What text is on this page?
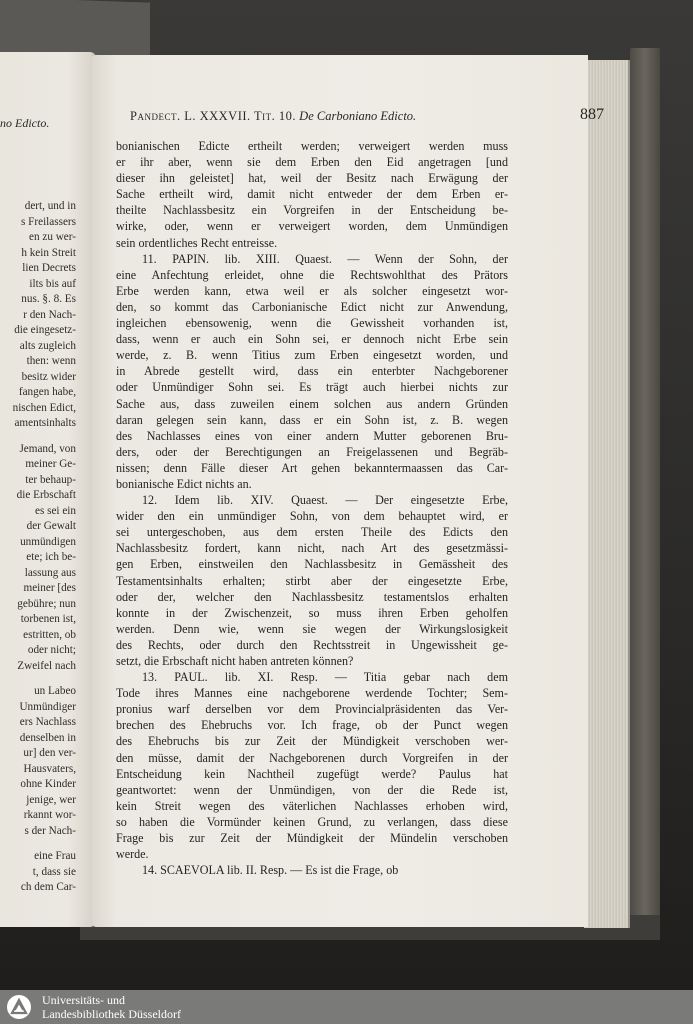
no Edicto.
dert, und in
s Freilassers
en zu wer-
h kein Streit
lien Decrets
ilts bis auf
nus. §. 8. Es
r den Nach-
die eingesetz-
alts zugleich
then: wenn
besitz wider
fangen habe,
nischen Edict,
amentsinhalts
Jemand, von
meiner Ge-
ter behaup-
die Erbschaft
es sei ein
der Gewalt
unmündigen
ete; ich be-
lassung aus
meiner [des
gebühre; nun
torbenen ist,
estritten, ob
oder nicht;
Zweifel nach
un Labeo
Unmündiger
ers Nachlass
denselben in
ur] den ver-
Hausvaters,
ohne Kinder
jenige, wer
rkannt wor-
s der Nach-
eine Frau
t, dass sie
ch dem Car-
Pandect. L. XXXVII. Tit. 10. De Carboniano Edicto.	887
bonianischen Edicte ertheilt werden; verweigert werden muss
er ihr aber, wenn sie dem Erben den Eid angetragen [und
dieser ihn geleistet] hat, weil der Besitz nach Erwägung der
Sache ertheilt wird, damit nicht entweder der dem Erben er-
theilte Nachlassbesitz ein Vorgreifen in der Entscheidung be-
wirke, oder, wenn er verweigert worden, dem Unmündigen
sein ordentliches Recht entreisse.
11. PAPIN. lib. XIII. Quaest. — Wenn der Sohn, der
eine Anfechtung erleidet, ohne die Rechtswohlthat des Prätors
Erbe werden kann, etwa weil er als solcher eingesetzt wor-
den, so kommt das Carbonianische Edict nicht zur Anwendung,
ingleichen ebensowenig, wenn die Gewissheit vorhanden ist,
dass, wenn er auch ein Sohn sei, er dennoch nicht Erbe sein
werde, z. B. wenn Titius zum Erben eingesetzt worden, und
in Abrede gestellt wird, dass ein enterbter Nachgeborener
oder Unmündiger Sohn sei. Es trägt auch hierbei nichts zur
Sache aus, dass zuweilen einem solchen aus andern Gründen
daran gelegen sein kann, dass er ein Sohn ist, z. B. wegen
des Nachlasses eines von einer andern Mutter geborenen Bru-
ders, oder der Berechtigungen an Freigelassenen und Begräb-
nissen; denn Fälle dieser Art gehen bekanntermaassen das Car-
bonianische Edict nichts an.
12. Idem lib. XIV. Quaest. — Der eingesetzte Erbe,
wider den ein unmündiger Sohn, von dem behauptet wird, er
sei untergeschoben, aus dem ersten Theile des Edicts den
Nachlassbesitz fordert, kann nicht, nach Art des gesetzmässi-
gen Erben, einstweilen den Nachlassbesitz in Gemässheit des
Testamentsinhalts erhalten; stirbt aber der eingesetzte Erbe,
oder der, welcher den Nachlassbesitz testamentslos erhalten
konnte in der Zwischenzeit, so muss ihren Erben geholfen
werden. Denn wie, wenn sie wegen der Wirkungslosigkeit
des Rechts, oder durch den Rechtsstreit in Ungewissheit ge-
setzt, die Erbschaft nicht haben antreten können?
13. PAUL. lib. XI. Resp. — Titia gebar nach dem
Tode ihres Mannes eine nachgeborene werdende Tochter; Sem-
pronius warf derselben vor dem Provincialpräsidenten das Ver-
brechen des Ehebruchs vor. Ich frage, ob der Punct wegen
des Ehebruchs bis zur Zeit der Mündigkeit verschoben wer-
den müsse, damit der Nachgeborenen durch Vorgreifen in der
Entscheidung kein Nachtheil zugefügt werde? Paulus hat
geantwortet: wenn der Unmündigen, von der die Rede ist,
kein Streit wegen des väterlichen Nachlasses erhoben wird,
so haben die Vormünder keinen Grund, zu verlangen, dass diese
Frage bis zur Zeit der Mündigkeit der Mündelin verschoben
werde.
14. SCAEVOLA lib. II. Resp. — Es ist die Frage, ob
Universitäts- und
Landesbibliothek Düsseldorf
